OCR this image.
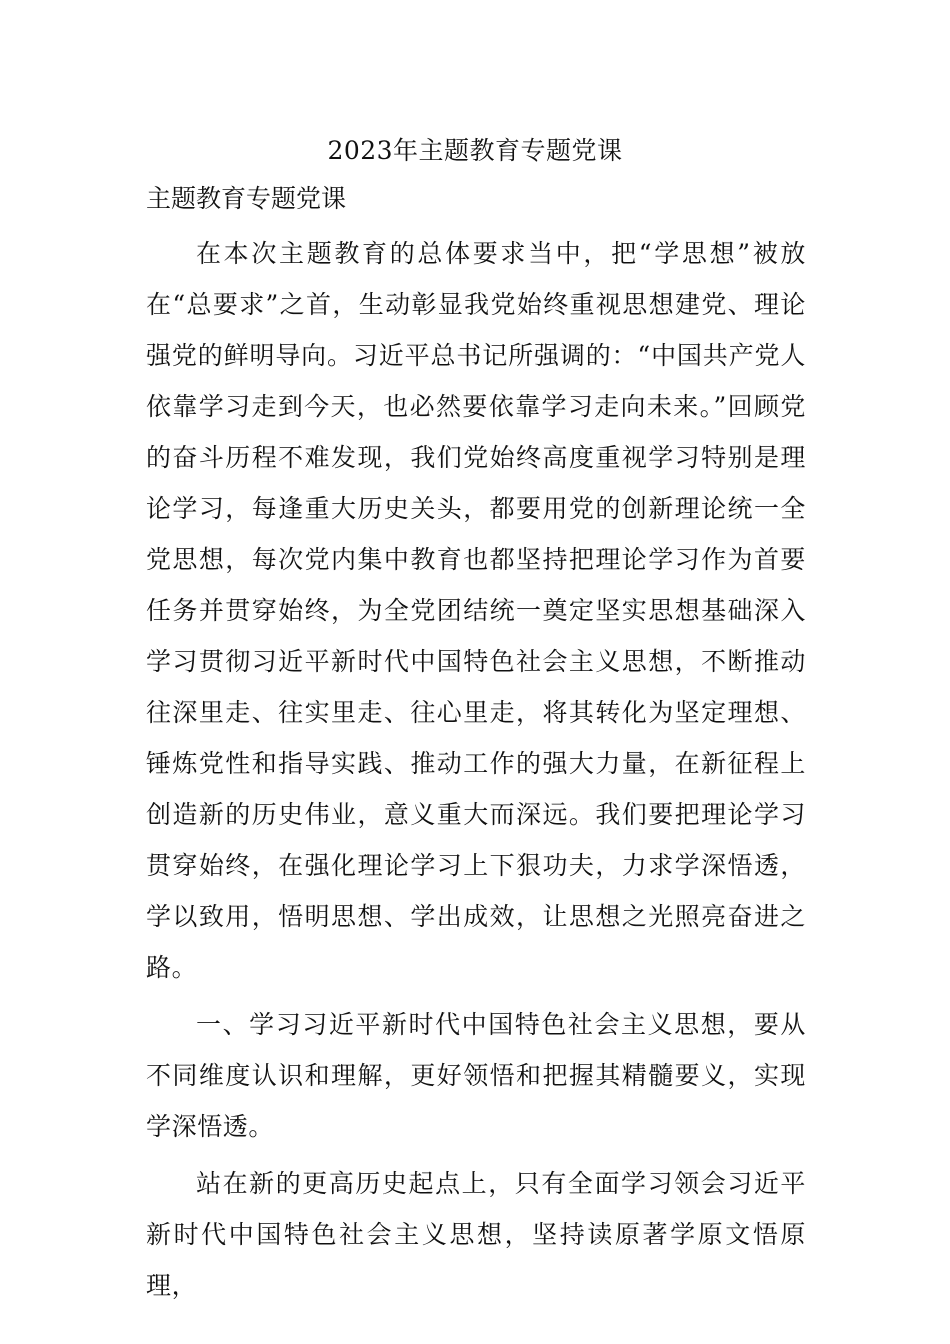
2023年主题教育专题党课
主题教育专题党课

在本次主题教育的总体要求当中，把“学思想”被放在“总要求”之首，生动彰显我党始终重视思想建党、理论强党的鲜明导向。习近平总书记所强调的：“中国共产党人依靠学习走到今天，也必然要依靠学习走向未来。”回顾党的奋斗历程不难发现，我们党始终高度重视学习特别是理论学习，每逢重大历史关头，都要用党的创新理论统一全党思想，每次党内集中教育也都坚持把理论学习作为首要任务并贯穿始终，为全党团结统一奠定坚实思想基础深入学习贯彻习近平新时代中国特色社会主义思想，不断推动往深里走、往实里走、往心里走，将其转化为坚定理想、锤炼党性和指导实践、推动工作的强大力量，在新征程上创造新的历史伟业，意义重大而深远。我们要把理论学习贯穿始终，在强化理论学习上下狠功夫，力求学深悟透，学以致用，悟明思想、学出成效，让思想之光照亮奋进之路。

一、学习习近平新时代中国特色社会主义思想，要从不同维度认识和理解，更好领悟和把握其精髓要义，实现学深悟透。

站在新的更高历史起点上，只有全面学习领会习近平新时代中国特色社会主义思想，坚持读原著学原文悟原理，
